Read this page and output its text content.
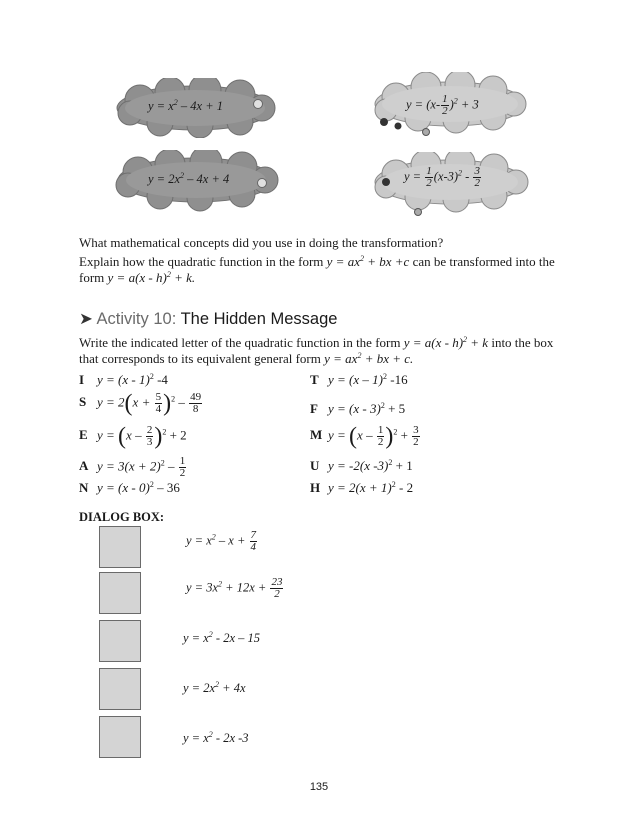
$y = x^2 - 4x + 1$	$y = (x- \frac{1}{2} )^2 + 3$
$y = 2x^2 - 4x + 4$	$y = \frac{1}{2} (x-3)^2 - \frac{3}{2}$
What mathematical concepts did you use in doing the transformation?
Explain how the quadratic function in the form $y = ax^2$ + bx +c can be transformed into the form y = a(x - h)$^2$ + k.
➤ Activity 10: The Hidden Message
Write the indicated letter of the quadratic function in the form y = a(x - h)$^2$ + k into the box that corresponds to its equivalent general form $y = ax^2$ + bx + c.
I y = (x - 1)$^2$ -4
S $y = 2(x + \frac{5}{4} )^2 - \frac{49}{8}$
E $y = (x - \frac{2}{3} )^2 + 2$
A $y = 3(x + 2)^2 - \frac{1}{2}$
N y = (x - 0)$^2$ – 36
T y = (x – 1)$^2$ -16
F y = (x - 3)$^2$ + 5
M $y = (x - \frac{1}{2} )^2 + \frac{3}{2}$
U y = -2(x -3)$^2$ + 1
H $y = 2(x + 1)^2 - 2$
DIALOG BOX:
$y = x^2 - x + \frac{7}{4}$
$y = 3x^2 + 12x + \frac{23}{2}$
$y = x^2 - 2x - 15$
$y = 2x^2 + 4x$
$y = x^2 - 2x$ -3
135
